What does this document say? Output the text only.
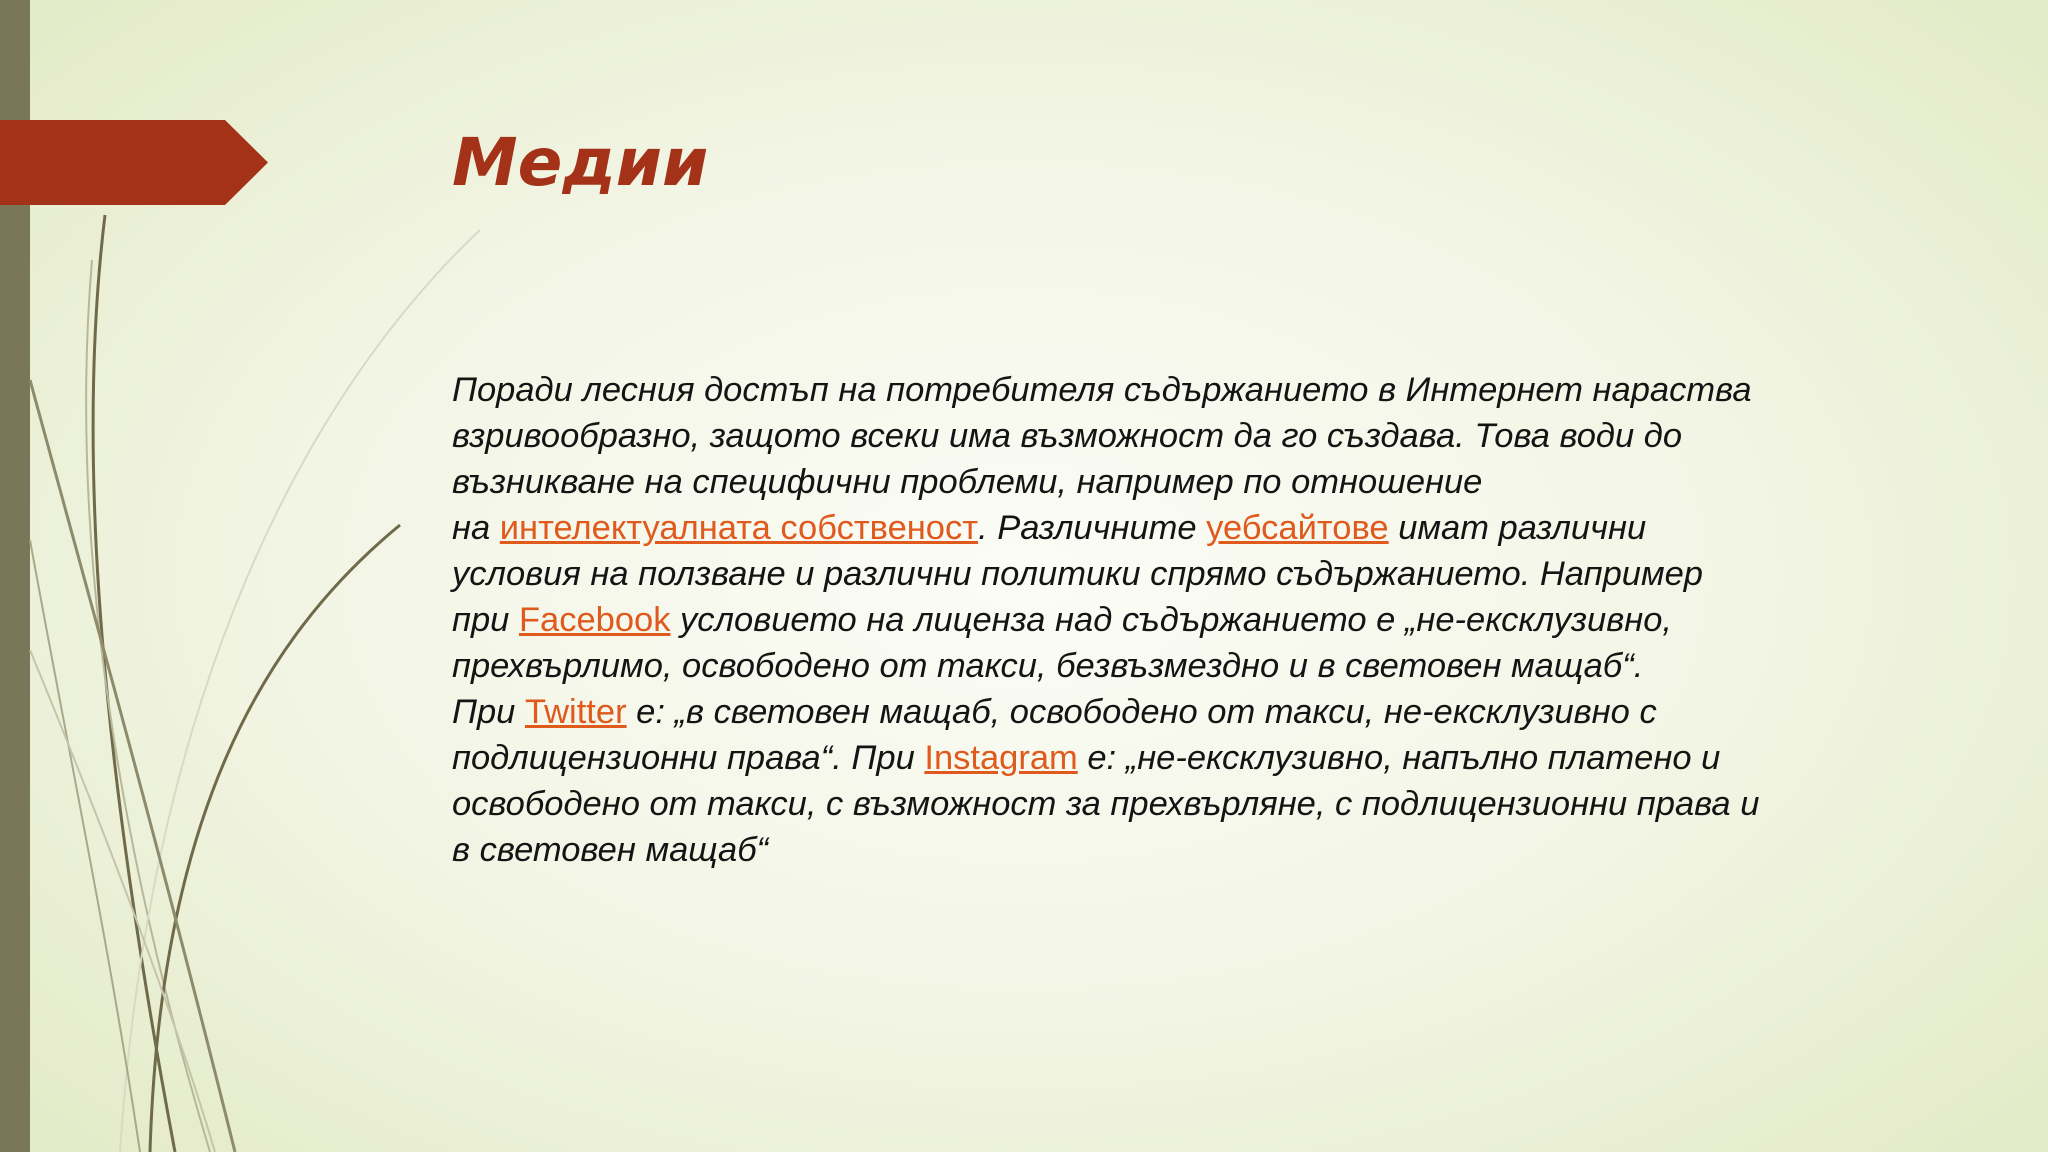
Медии

Поради лесния достъп на потребителя съдържанието в Интернет нараства
взривообразно, защото всеки има възможност да го създава. Това води до
възникване на специфични проблеми, например по отношение
на интелектуалната собственост. Различните уебсайтове имат различни
условия на ползване и различни политики спрямо съдържанието. Например
при Facebook условието на лиценза над съдържанието е „не-ексклузивно,
прехвърлимо, освободено от такси, безвъзмездно и в световен мащаб“.
При Twitter е: „в световен мащаб, освободено от такси, не-ексклузивно с
подлицензионни права“. При Instagram е: „не-ексклузивно, напълно платено и
освободено от такси, с възможност за прехвърляне, с подлицензионни права и
в световен мащаб“
